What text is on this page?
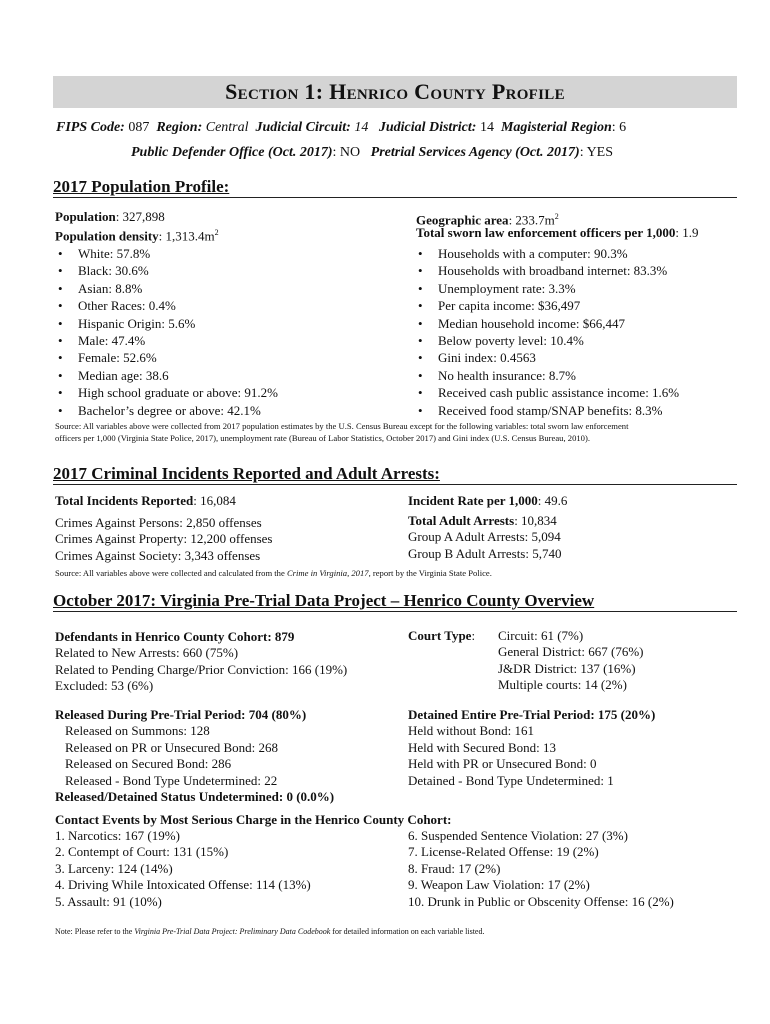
Section 1: Henrico County Profile
FIPS Code: 087 Region: Central Judicial Circuit: 14 Judicial District: 14 Magisterial Region: 6
Public Defender Office (Oct. 2017): NO Pretrial Services Agency (Oct. 2017): YES
2017 Population Profile:
Population: 327,898
Population density: $1,313.4m^2$
Geographic area: $233.7m^2$
Total sworn law enforcement officers per 1,000: 1.9
• White: 57.8%
• Black: 30.6%
• Asian: 8.8%
• Other Races: 0.4%
• Hispanic Origin: 5.6%
• Male: 47.4%
• Female: 52.6%
• Median age: 38.6
• High school graduate or above: 91.2%
• Bachelor’s degree or above: 42.1%
• Households with a computer: 90.3%
• Households with broadband internet: 83.3%
• Unemployment rate: 3.3%
• Per capita income: $36,497
• Median household income: $66,447
• Below poverty level: 10.4%
• Gini index: 0.4563
• No health insurance: 8.7%
• Received cash public assistance income: 1.6%
• Received food stamp/SNAP benefits: 8.3%
Source: All variables above were collected from 2017 population estimates by the U.S. Census Bureau except for the following variables: total sworn law enforcement
officers per 1,000 (Virginia State Police, 2017), unemployment rate (Bureau of Labor Statistics, October 2017) and Gini index (U.S. Census Bureau, 2010).
2017 Criminal Incidents Reported and Adult Arrests:
Total Incidents Reported: 16,084	Incident Rate per 1,000: 49.6
Crimes Against Persons: 2,850 offenses
Crimes Against Property: 12,200 offenses
Crimes Against Society: 3,343 offenses
Total Adult Arrests: 10,834
Group A Adult Arrests: 5,094
Group B Adult Arrests: 5,740
Source: All variables above were collected and calculated from the Crime in Virginia, 2017, report by the Virginia State Police.
October 2017: Virginia Pre-Trial Data Project – Henrico County Overview
Defendants in Henrico County Cohort: 879
Related to New Arrests: 660 (75%)
Related to Pending Charge/Prior Conviction: 166 (19%)
Excluded: 53 (6%)
Court Type: Circuit: 61 (7%)
General District: 667 (76%)
J&DR District: 137 (16%)
Multiple courts: 14 (2%)
Released During Pre-Trial Period: 704 (80%)
Released on Summons: 128
Released on PR or Unsecured Bond: 268
Released on Secured Bond: 286
Released - Bond Type Undetermined: 22
Released/Detained Status Undetermined: 0 (0.0%)
Detained Entire Pre-Trial Period: 175 (20%)
Held without Bond: 161
Held with Secured Bond: 13
Held with PR or Unsecured Bond: 0
Detained - Bond Type Undetermined: 1
Contact Events by Most Serious Charge in the Henrico County Cohort:
1. Narcotics: 167 (19%)
2. Contempt of Court: 131 (15%)
3. Larceny: 124 (14%)
4. Driving While Intoxicated Offense: 114 (13%)
5. Assault: 91 (10%)
6. Suspended Sentence Violation: 27 (3%)
7. License-Related Offense: 19 (2%)
8. Fraud: 17 (2%)
9. Weapon Law Violation: 17 (2%)
10. Drunk in Public or Obscenity Offense: 16 (2%)
Note: Please refer to the Virginia Pre-Trial Data Project: Preliminary Data Codebook for detailed information on each variable listed.
